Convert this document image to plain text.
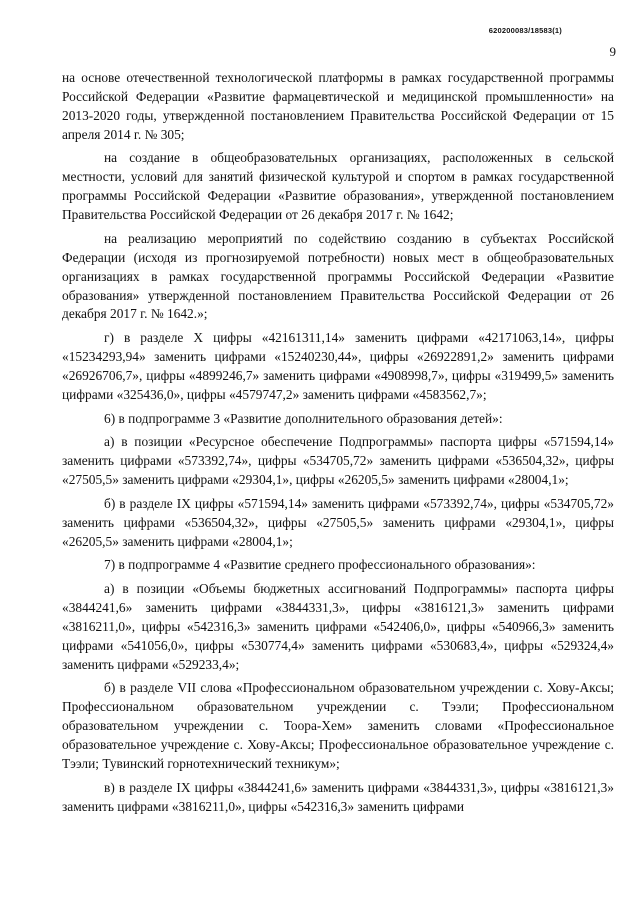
620200083/18583(1)
9

на основе отечественной технологической платформы в рамках государственной программы Российской Федерации «Развитие фармацевтической и медицинской промышленности» на 2013-2020 годы, утвержденной постановлением Правительства Российской Федерации от 15 апреля 2014 г. № 305;

на создание в общеобразовательных организациях, расположенных в сельской местности, условий для занятий физической культурой и спортом в рамках государственной программы Российской Федерации «Развитие образования», утвержденной постановлением Правительства Российской Федерации от 26 декабря 2017 г. № 1642;

на реализацию мероприятий по содействию созданию в субъектах Российской Федерации (исходя из прогнозируемой потребности) новых мест в общеобразовательных организациях в рамках государственной программы Российской Федерации «Развитие образования» утвержденной постановлением Правительства Российской Федерации от 26 декабря 2017 г. № 1642.»;

г) в разделе X цифры «42161311,14» заменить цифрами «42171063,14», цифры «15234293,94» заменить цифрами «15240230,44», цифры «26922891,2» заменить цифрами «26926706,7», цифры «4899246,7» заменить цифрами «4908998,7», цифры «319499,5» заменить цифрами «325436,0», цифры «4579747,2» заменить цифрами «4583562,7»;

6) в подпрограмме 3 «Развитие дополнительного образования детей»:

а) в позиции «Ресурсное обеспечение Подпрограммы» паспорта цифры «571594,14» заменить цифрами «573392,74», цифры «534705,72» заменить цифрами «536504,32», цифры «27505,5» заменить цифрами «29304,1», цифры «26205,5» заменить цифрами «28004,1»;

б) в разделе IX цифры «571594,14» заменить цифрами «573392,74», цифры «534705,72» заменить цифрами «536504,32», цифры «27505,5» заменить цифрами «29304,1», цифры «26205,5» заменить цифрами «28004,1»;

7) в подпрограмме 4 «Развитие среднего профессионального образования»:

а) в позиции «Объемы бюджетных ассигнований Подпрограммы» паспорта цифры «3844241,6» заменить цифрами «3844331,3», цифры «3816121,3» заменить цифрами «3816211,0», цифры «542316,3» заменить цифрами «542406,0», цифры «540966,3» заменить цифрами «541056,0», цифры «530774,4» заменить цифрами «530683,4», цифры «529324,4» заменить цифрами «529233,4»;

б) в разделе VII слова «Профессиональном образовательном учреждении с. Хову-Аксы; Профессиональном образовательном учреждении с. Тээли; Профессиональном образовательном учреждении с. Тоора-Хем» заменить словами «Профессиональное образовательное учреждение с. Хову-Аксы; Профессиональное образовательное учреждение с. Тээли; Тувинский горнотехнический техникум»;

в) в разделе IX цифры «3844241,6» заменить цифрами «3844331,3», цифры «3816121,3» заменить цифрами «3816211,0», цифры «542316,3» заменить цифрами
